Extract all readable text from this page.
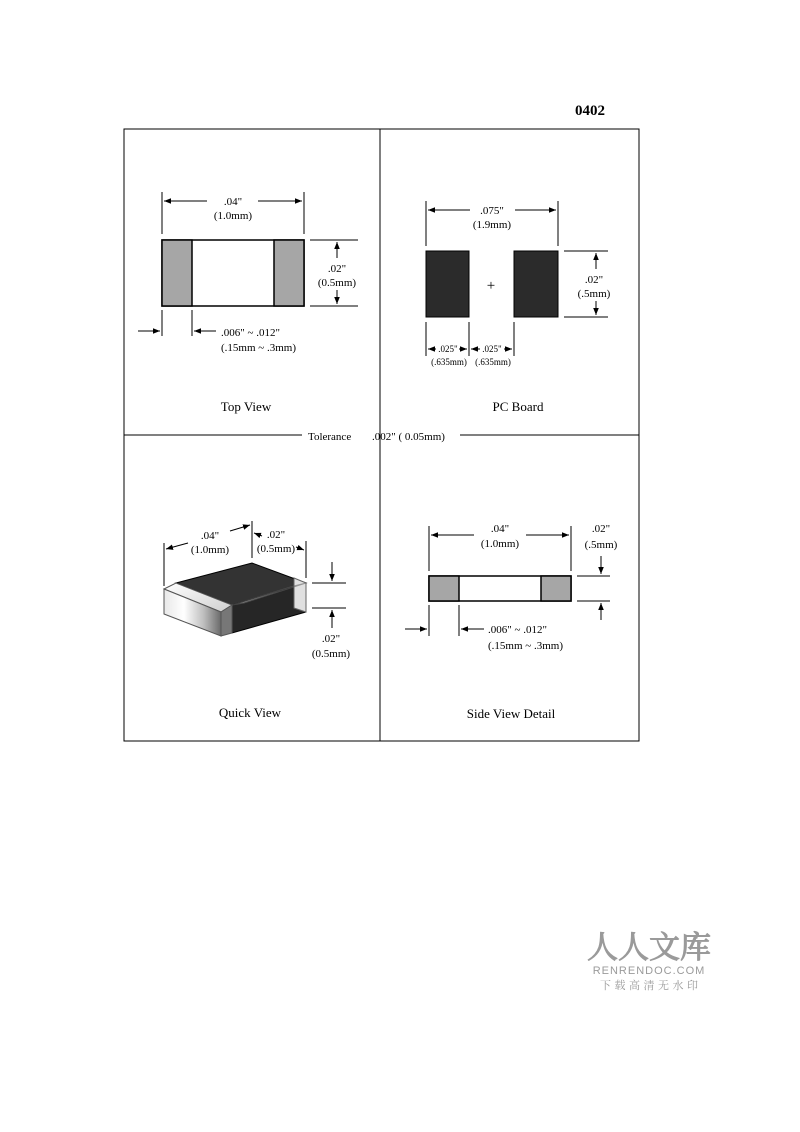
0402
Tolerance .002" ( 0.05mm)
.04"
(1.0mm)
.02"
(0.5mm)
.006" ~ .012"
(.15mm ~ .3mm)
Top View
+
.075"
(1.9mm)
.02"
(.5mm)
.025"
(.635mm)
.025"
(.635mm)
PC Board
.04"
(1.0mm)
.02"
(0.5mm)
.02"
(0.5mm)
Quick View
.04"
(1.0mm)
.02"
(.5mm)
.006" ~ .012"
(.15mm ~ .3mm)
Side View Detail
人人文库
RENRENDOC.COM
下 载 高 清 无 水 印
